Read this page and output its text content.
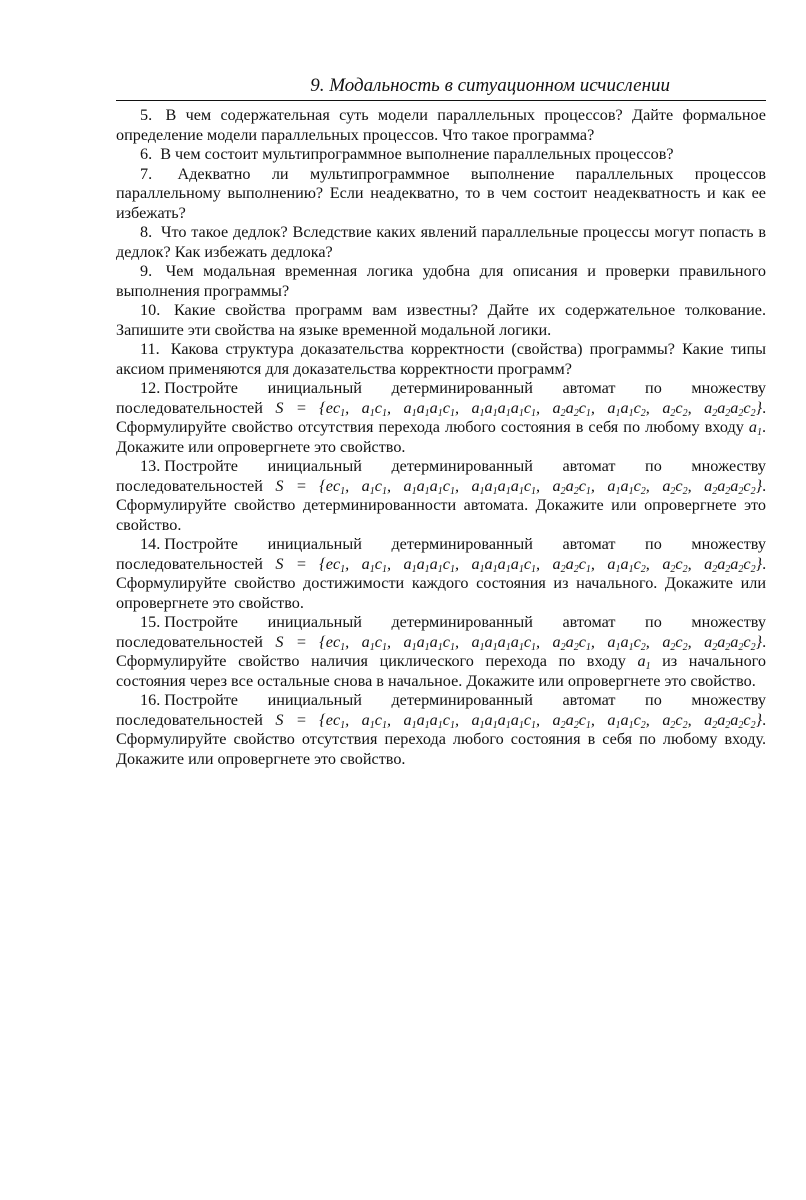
9. Модальность в ситуационном исчислении

5. В чем содержательная суть модели параллельных процессов? Дайте формальное определение модели параллельных процессов. Что такое программа?

6. В чем состоит мультипрограммное выполнение параллельных процессов?

7. Адекватно ли мультипрограммное выполнение параллельных процессов параллельному выполнению? Если неадекватно, то в чем состоит неадекватность и как ее избежать?

8. Что такое дедлок? Вследствие каких явлений параллельные процессы могут попасть в дедлок? Как избежать дедлока?

9. Чем модальная временная логика удобна для описания и проверки правильного выполнения программы?

10. Какие свойства программ вам известны? Дайте их содержательное толкование. Запишите эти свойства на языке временной модальной логики.

11. Какова структура доказательства корректности (свойства) программы? Какие типы аксиом применяются для доказательства корректности программ?

12. Постройте инициальный детерминированный автомат по множеству последовательностей $S = \{ec_1$, $a_1c_1$, $a_1a_1a_1c_1$, $a_1a_1a_1a_1c_1$, $a_2a_2c_1$, $a_1a_1c_2$, $a_2c_2$, $a_2a_2a_2c_2$}. Сформулируйте свойство отсутствия перехода любого состояния в себя по любому входу $a_1$. Докажите или опровергнете это свойство.

13. Постройте инициальный детерминированный автомат по множеству последовательностей $S = \{ec_1$, $a_1c_1$, $a_1a_1a_1c_1$, $a_1a_1a_1a_1c_1$, $a_2a_2c_1$, $a_1a_1c_2$, $a_2c_2$, $a_2a_2a_2c_2$}. Сформулируйте свойство детерминированности автомата. Докажите или опровергнете это свойство.

14. Постройте инициальный детерминированный автомат по множеству последовательностей $S = \{ec_1$, $a_1c_1$, $a_1a_1a_1c_1$, $a_1a_1a_1a_1c_1$, $a_2a_2c_1$, $a_1a_1c_2$, $a_2c_2$, $a_2a_2a_2c_2$}. Сформулируйте свойство достижимости каждого состояния из начального. Докажите или опровергнете это свойство.

15. Постройте инициальный детерминированный автомат по множеству последовательностей $S = \{ec_1$, $a_1c_1$, $a_1a_1a_1c_1$, $a_1a_1a_1a_1c_1$, $a_2a_2c_1$, $a_1a_1c_2$, $a_2c_2$, $a_2a_2a_2c_2$}. Сформулируйте свойство наличия циклического перехода по входу $a_1$ из начального состояния через все остальные снова в начальное. Докажите или опровергнете это свойство.

16. Постройте инициальный детерминированный автомат по множеству последовательностей $S = \{ec_1$, $a_1c_1$, $a_1a_1a_1c_1$, $a_1a_1a_1a_1c_1$, $a_2a_2c_1$, $a_1a_1c_2$, $a_2c_2$, $a_2a_2a_2c_2$}. Сформулируйте свойство отсутствия перехода любого состояния в себя по любому входу. Докажите или опровергнете это свойство.
